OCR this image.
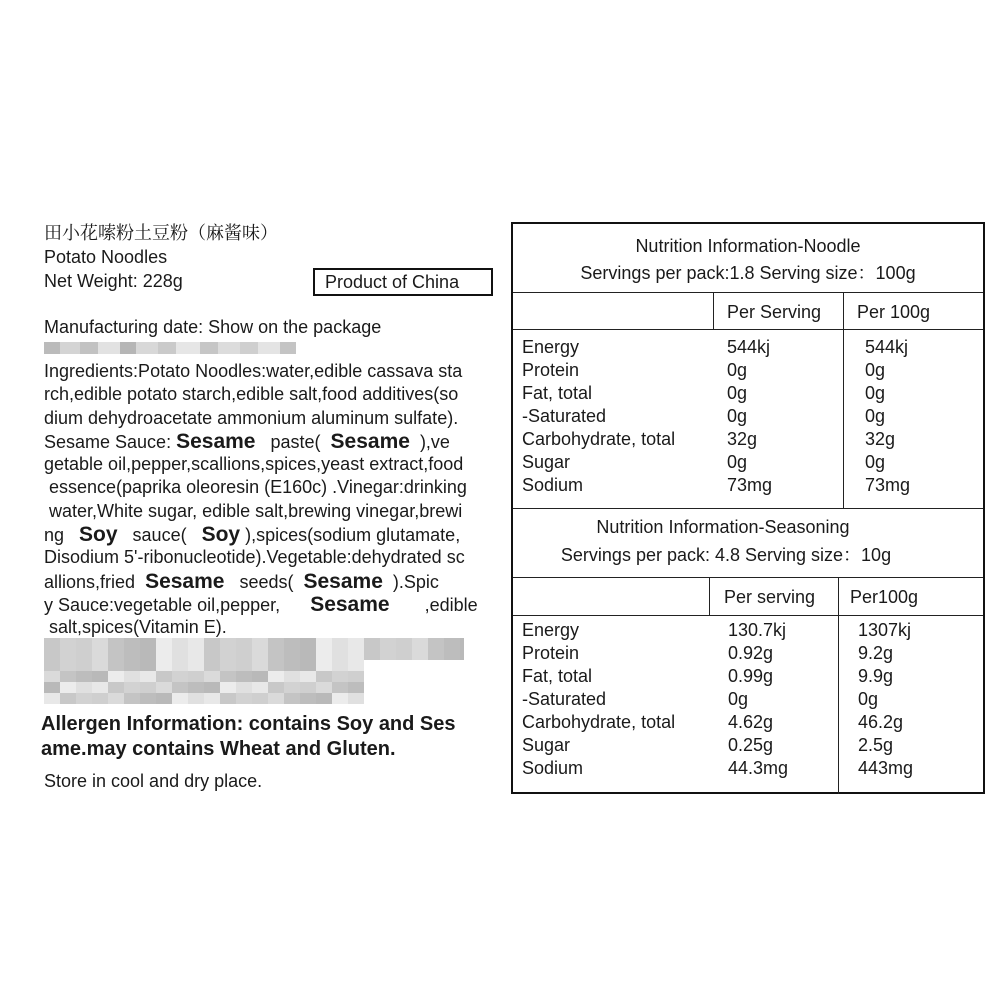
田小花嗦粉土豆粉（麻酱味）
Potato Noodles
Net Weight: 228g	Product of China
Manufacturing date: Show on the package
Ingredients:Potato Noodles:water,edible cassava sta
rch,edible potato starch,edible salt,food additives(so
dium dehydroacetate ammonium aluminum sulfate).
Sesame Sauce: Sesame   paste(  Sesame  ),ve
getable oil,pepper,scallions,spices,yeast extract,food
essence(paprika oleoresin (E160c) .Vinegar:drinking
water,White sugar, edible salt,brewing vinegar,brewi
ng   Soy   sauce(   Soy ),spices(sodium glutamate,
Disodium 5'-ribonucleotide).Vegetable:dehydrated sc
allions,fried  Sesame   seeds(  Sesame  ).Spic
y Sauce:vegetable oil,pepper,      Sesame       ,edible
salt,spices(Vitamin E).
Allergen Information: contains Soy and Ses
ame.may contains Wheat and Gluten.
Store in cool and dry place.
Nutrition Information-Noodle
Servings per pack:1.8 Serving size：100g
Per Serving Per 100g
Energy	544kj	544kj
Protein	0g	0g
Fat, total	0g	0g
-Saturated	0g	0g
Carbohydrate, total	32g	32g
Sugar	0g	0g
Sodium	73mg	73mg
Nutrition Information-Seasoning
Servings per pack: 4.8 Serving size：10g
Per serving Per100g
Energy	130.7kj	1307kj
Protein	0.92g	9.2g
Fat, total	0.99g	9.9g
-Saturated	0g	0g
Carbohydrate, total	4.62g	46.2g
Sugar	0.25g	2.5g
Sodium	44.3mg	443mg
